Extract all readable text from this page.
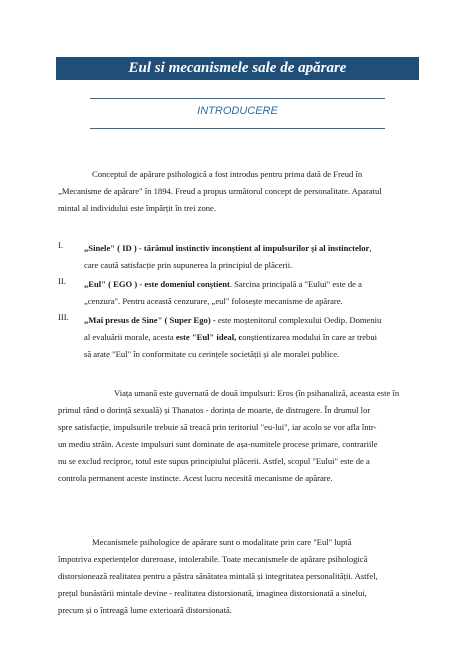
Eul si mecanismele sale de apărare
INTRODUCERE
Conceptul de apărare psihologică a fost introdus pentru prima dată de Freud în
„Mecanisme de apărare" în 1894. Freud a propus următorul concept de personalitate. Aparatul
mintal al individului este împărțit în trei zone.
I. „Sinele" ( ID ) - tărâmul instinctiv inconștient al impulsurilor și al instinctelor,
care caută satisfacție prin supunerea la principiul de plăcerii.
II. „Eul" ( EGO ) - este domeniul conștient. Sarcina principală a "Eului" este de a
„cenzura". Pentru această cenzurare, „eul" folosește mecanisme de apărare.
III. „Mai presus de Sine" ( Super Ego) - este moștenitorul complexului Oedip. Domeniu
al evaluării morale, acesta este "Eul" ideal, conștientizarea modului în care ar trebui
să arate "Eul" în conformitate cu cerințele societății și ale moralei publice.
Viața umană este guvernată de două impulsuri: Eros (în psihanaliză, aceasta este în
primul rând o dorință sexuală) și Thanatos - dorința de moarte, de distrugere. În drumul lor
spre satisfacție, impulsurile trebuie să treacă prin teritoriul "eu-lui", iar acolo se vor afla într-
un mediu străin. Aceste impulsuri sunt dominate de așa-numitele procese primare, contrariile
nu se exclud reciproc, totul este supus principiului plăcerii. Astfel, scopul "Eului" este de a
controla permanent aceste instincte. Acest lucru necesită mecanisme de apărare.
Mecanismele psihologice de apărare sunt o modalitate prin care "Eul" luptă
împotriva experiențelor dureroase, intolerabile. Toate mecanismele de apărare psihologică
distorsionează realitatea pentru a păstra sănătatea mintală și integritatea personalității. Astfel,
prețul bunăstării mintale devine - realitatea distorsionată, imaginea distorsionată a sinelui,
precum și o întreagă lume exterioară distorsionată.
